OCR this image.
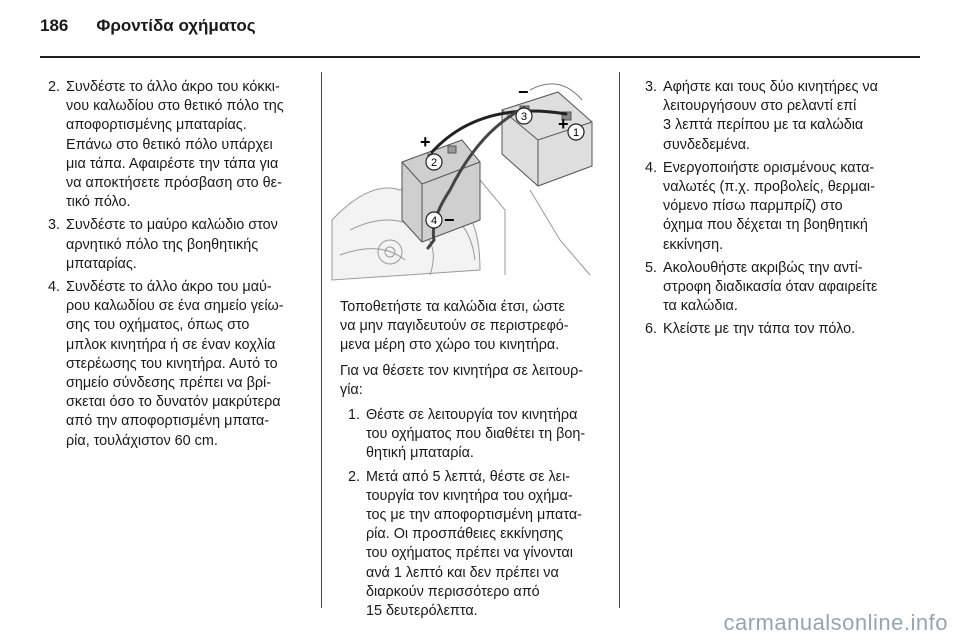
186 Φροντίδα οχήματος
2. Συνδέστε το άλλο άκρο του κόκκι-
νου καλωδίου στο θετικό πόλο της
αποφορτισμένης μπαταρίας.
Επάνω στο θετικό πόλο υπάρχει
μια τάπα. Αφαιρέστε την τάπα για
να αποκτήσετε πρόσβαση στο θε-
τικό πόλο.
3. Συνδέστε το μαύρο καλώδιο στον
αρνητικό πόλο της βοηθητικής
μπαταρίας.
4. Συνδέστε το άλλο άκρο του μαύ-
ρου καλωδίου σε ένα σημείο γείω-
σης του οχήματος, όπως στο
μπλοκ κινητήρα ή σε έναν κοχλία
στερέωσης του κινητήρα. Αυτό το
σημείο σύνδεσης πρέπει να βρί-
σκεται όσο το δυνατόν μακρύτερα
από την αποφορτισμένη μπατα-
ρία, τουλάχιστον 60 cm.
1
2
3
4
+
+
−
−

Τοποθετήστε τα καλώδια έτσι, ώστε
να μην παγιδευτούν σε περιστρεφό-
μενα μέρη στο χώρο του κινητήρα.

Για να θέσετε τον κινητήρα σε λειτουρ-
γία:

1. Θέστε σε λειτουργία τον κινητήρα
του οχήματος που διαθέτει τη βοη-
θητική μπαταρία.
2. Μετά από 5 λεπτά, θέστε σε λει-
τουργία τον κινητήρα του οχήμα-
τος με την αποφορτισμένη μπατα-
ρία. Οι προσπάθειες εκκίνησης
του οχήματος πρέπει να γίνονται
ανά 1 λεπτό και δεν πρέπει να
διαρκούν περισσότερο από
15 δευτερόλεπτα.
3. Αφήστε και τους δύο κινητήρες να
λειτουργήσουν στο ρελαντί επί
3 λεπτά περίπου με τα καλώδια
συνδεδεμένα.
4. Ενεργοποιήστε ορισμένους κατα-
ναλωτές (π.χ. προβολείς, θερμαι-
νόμενο πίσω παρμπρίζ) στο
όχημα που δέχεται τη βοηθητική
εκκίνηση.
5. Ακολουθήστε ακριβώς την αντί-
στροφη διαδικασία όταν αφαιρείτε
τα καλώδια.
6. Κλείστε με την τάπα τον πόλο.
carmanualsonline.info
